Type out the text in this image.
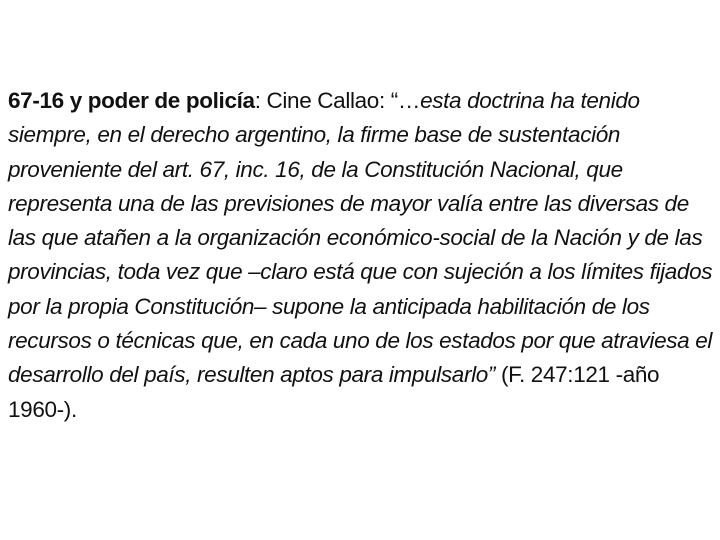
67-16 y poder de policía: Cine Callao: “…esta doctrina ha tenido siempre, en el derecho argentino, la firme base de sustentación proveniente del art. 67, inc. 16, de la Constitución Nacional, que representa una de las previsiones de mayor valía entre las diversas de las que atañen a la organización económico-social de la Nación y de las provincias, toda vez que –claro está que con sujeción a los límites fijados por la propia Constitución– supone la anticipada habilitación de los recursos o técnicas que, en cada uno de los estados por que atraviesa el desarrollo del país, resulten aptos para impulsarlo” (F. 247:121 -año 1960-).
